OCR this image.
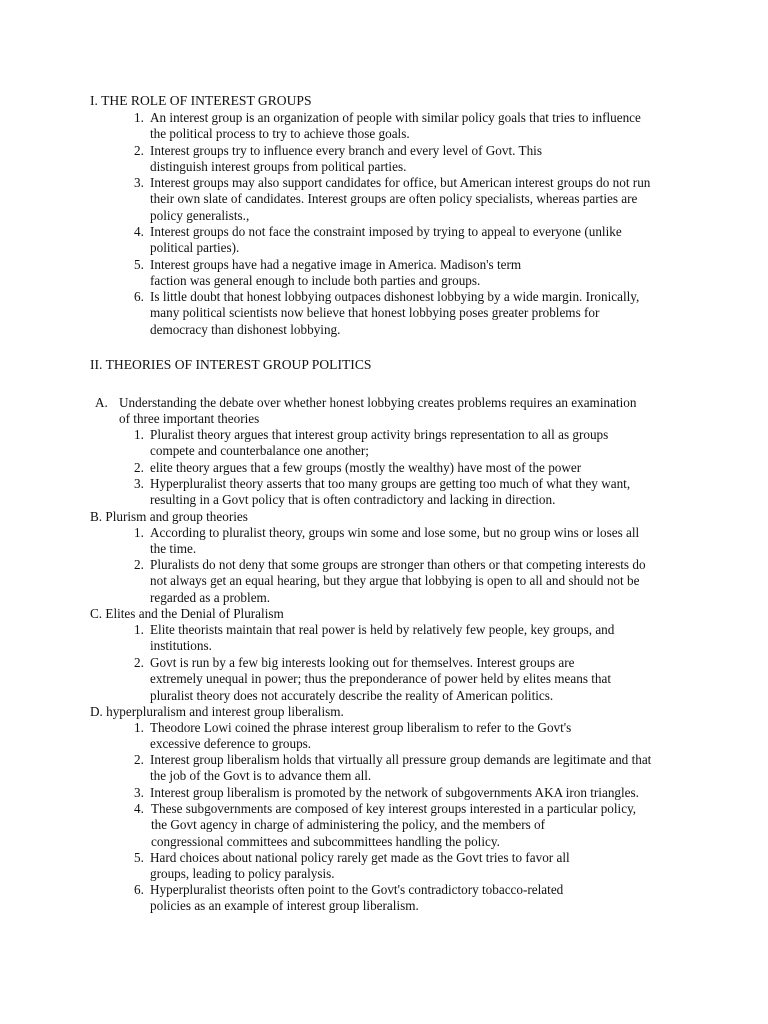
I. THE ROLE OF INTEREST GROUPS
1. An interest group is an organization of people with similar policy goals that tries to influence
the political process to try to achieve those goals.
2. Interest groups try to influence every branch and every level of Govt. This
distinguish interest groups from political parties.
3. Interest groups may also support candidates for office, but American interest groups do not run
their own slate of candidates. Interest groups are often policy specialists, whereas parties are
policy generalists.,
4. Interest groups do not face the constraint imposed by trying to appeal to everyone (unlike
political parties).
5. Interest groups have had a negative image in America. Madison's term
faction was general enough to include both parties and groups.
6. Is little doubt that honest lobbying outpaces dishonest lobbying by a wide margin. Ironically,
many political scientists now believe that honest lobbying poses greater problems for
democracy than dishonest lobbying.
II. THEORIES OF INTEREST GROUP POLITICS
A. Understanding the debate over whether honest lobbying creates problems requires an examination
of three important theories
1. Pluralist theory argues that interest group activity brings representation to all as groups
compete and counterbalance one another;
2. elite theory argues that a few groups (mostly the wealthy) have most of the power
3. Hyperpluralist theory asserts that too many groups are getting too much of what they want,
resulting in a Govt policy that is often contradictory and lacking in direction.
B. Plurism and group theories
1. According to pluralist theory, groups win some and lose some, but no group wins or loses all
the time.
2. Pluralists do not deny that some groups are stronger than others or that competing interests do
not always get an equal hearing, but they argue that lobbying is open to all and should not be
regarded as a problem.
C. Elites and the Denial of Pluralism
1. Elite theorists maintain that real power is held by relatively few people, key groups, and
institutions.
2. Govt is run by a few big interests looking out for themselves. Interest groups are
extremely unequal in power; thus the preponderance of power held by elites means that
pluralist theory does not accurately describe the reality of American politics.
D. hyperpluralism and interest group liberalism.
1. Theodore Lowi coined the phrase interest group liberalism to refer to the Govt's
excessive deference to groups.
2. Interest group liberalism holds that virtually all pressure group demands are legitimate and that
the job of the Govt is to advance them all.
3. Interest group liberalism is promoted by the network of subgovernments AKA iron triangles.
4. These subgovernments are composed of key interest groups interested in a particular policy,
the Govt agency in charge of administering the policy, and the members of
congressional committees and subcommittees handling the policy.
5. Hard choices about national policy rarely get made as the Govt tries to favor all
groups, leading to policy paralysis.
6. Hyperpluralist theorists often point to the Govt's contradictory tobacco-related
policies as an example of interest group liberalism.
